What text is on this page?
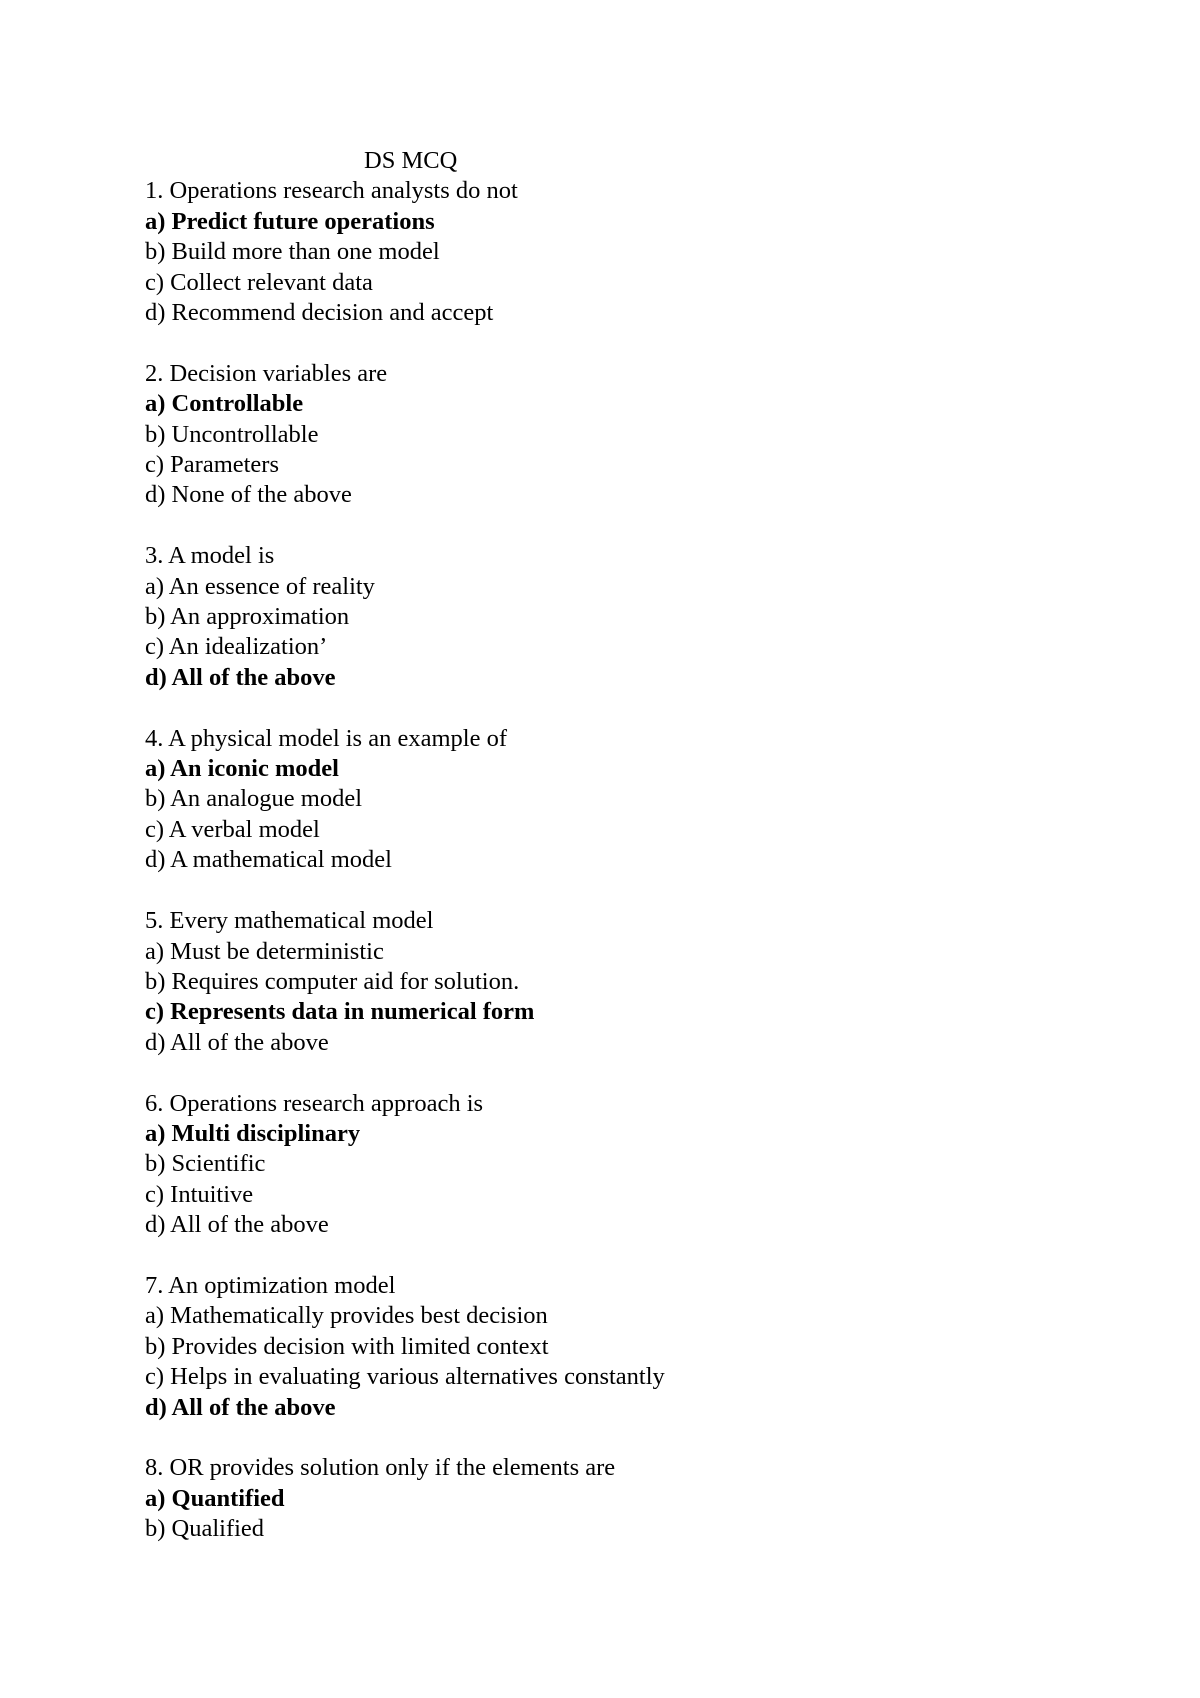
DS MCQ
1. Operations research analysts do not
a) Predict future operations
b) Build more than one model
c) Collect relevant data
d) Recommend decision and accept
2. Decision variables are
a) Controllable
b) Uncontrollable
c) Parameters
d) None of the above
3. A model is
a) An essence of reality
b) An approximation
c) An idealization’
d) All of the above
4. A physical model is an example of
a) An iconic model
b) An analogue model
c) A verbal model
d) A mathematical model
5. Every mathematical model
a) Must be deterministic
b) Requires computer aid for solution.
c) Represents data in numerical form
d) All of the above
6. Operations research approach is
a) Multi disciplinary
b) Scientific
c) Intuitive
d) All of the above
7. An optimization model
a) Mathematically provides best decision
b) Provides decision with limited context
c) Helps in evaluating various alternatives constantly
d) All of the above
8. OR provides solution only if the elements are
a) Quantified
b) Qualified
